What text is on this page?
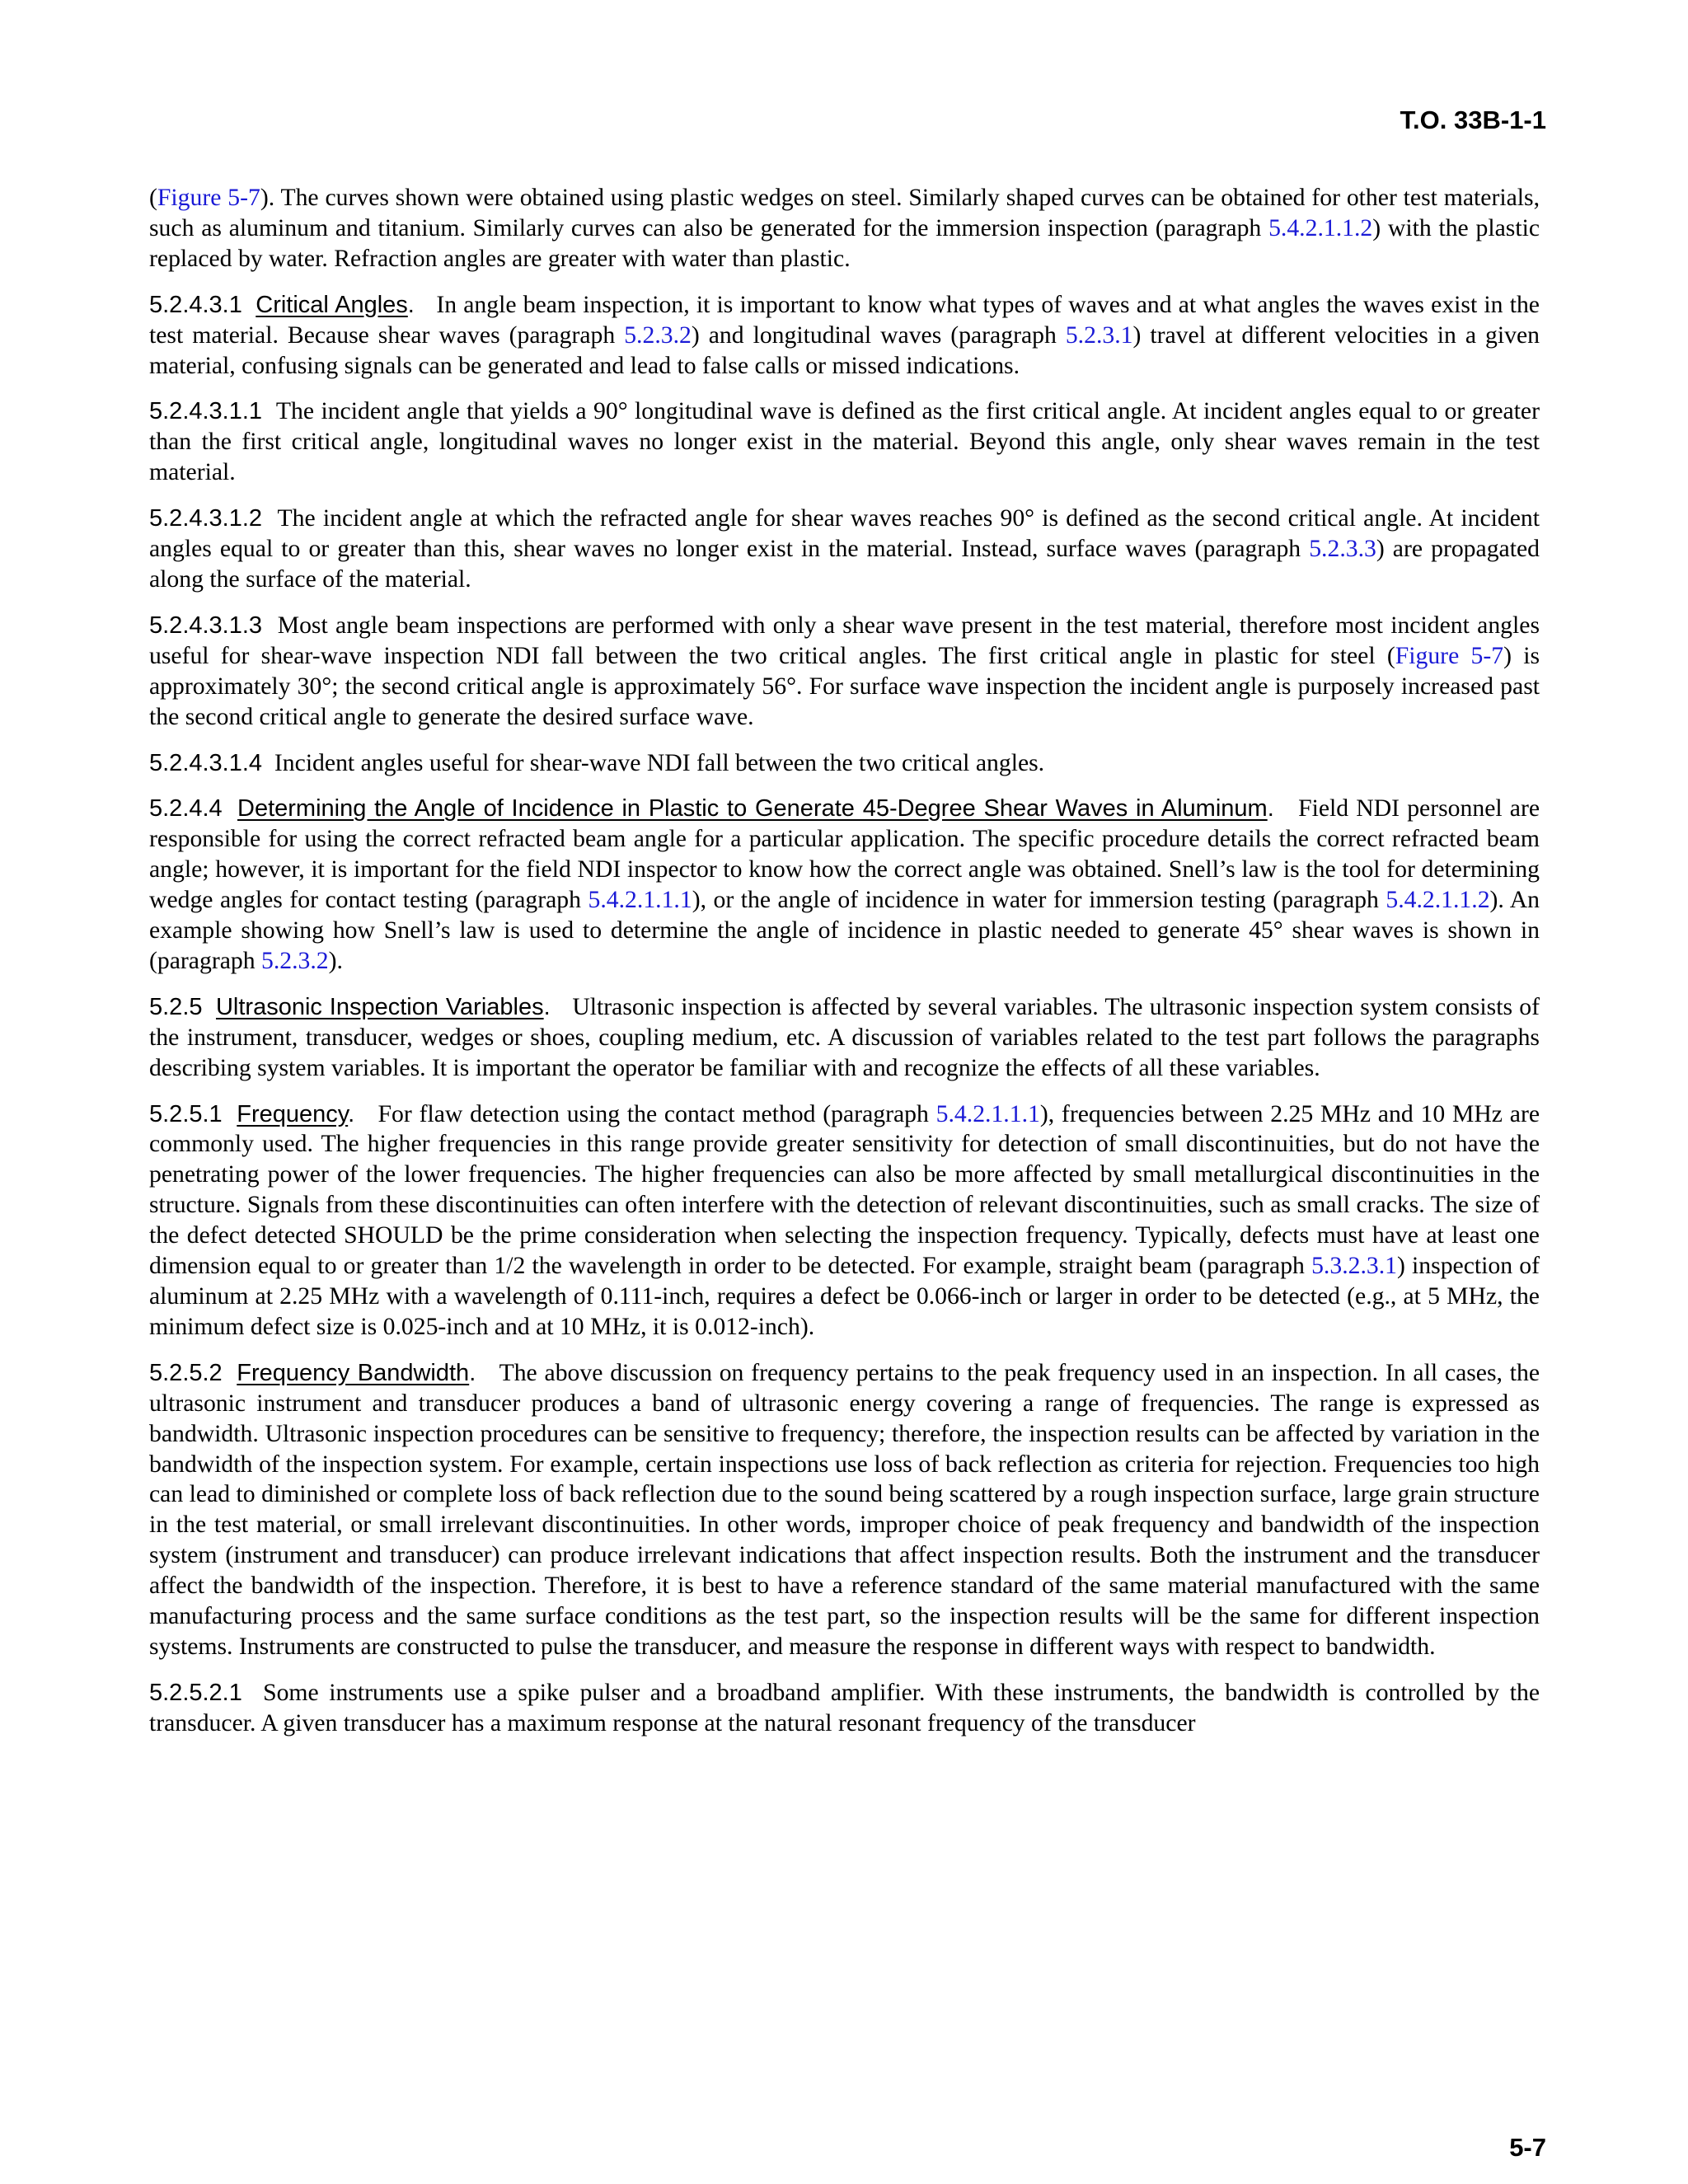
T.O. 33B-1-1

(Figure 5-7). The curves shown were obtained using plastic wedges on steel. Similarly shaped curves can be obtained for other test materials, such as aluminum and titanium. Similarly curves can also be generated for the immersion inspection (paragraph 5.4.2.1.1.2) with the plastic replaced by water. Refraction angles are greater with water than plastic.

5.2.4.3.1 Critical Angles.   In angle beam inspection, it is important to know what types of waves and at what angles the waves exist in the test material. Because shear waves (paragraph 5.2.3.2) and longitudinal waves (paragraph 5.2.3.1) travel at different velocities in a given material, confusing signals can be generated and lead to false calls or missed indications.

5.2.4.3.1.1 The incident angle that yields a 90° longitudinal wave is defined as the first critical angle. At incident angles equal to or greater than the first critical angle, longitudinal waves no longer exist in the material. Beyond this angle, only shear waves remain in the test material.

5.2.4.3.1.2 The incident angle at which the refracted angle for shear waves reaches 90° is defined as the second critical angle. At incident angles equal to or greater than this, shear waves no longer exist in the material. Instead, surface waves (paragraph 5.2.3.3) are propagated along the surface of the material.

5.2.4.3.1.3 Most angle beam inspections are performed with only a shear wave present in the test material, therefore most incident angles useful for shear-wave inspection NDI fall between the two critical angles. The first critical angle in plastic for steel (Figure 5-7) is approximately 30°; the second critical angle is approximately 56°. For surface wave inspection the incident angle is purposely increased past the second critical angle to generate the desired surface wave.

5.2.4.3.1.4 Incident angles useful for shear-wave NDI fall between the two critical angles.

5.2.4.4 Determining the Angle of Incidence in Plastic to Generate 45-Degree Shear Waves in Aluminum.   Field NDI personnel are responsible for using the correct refracted beam angle for a particular application. The specific procedure details the correct refracted beam angle; however, it is important for the field NDI inspector to know how the correct angle was obtained. Snell’s law is the tool for determining wedge angles for contact testing (paragraph 5.4.2.1.1.1), or the angle of incidence in water for immersion testing (paragraph 5.4.2.1.1.2). An example showing how Snell’s law is used to determine the angle of incidence in plastic needed to generate 45° shear waves is shown in (paragraph 5.2.3.2).

5.2.5 Ultrasonic Inspection Variables.   Ultrasonic inspection is affected by several variables. The ultrasonic inspection system consists of the instrument, transducer, wedges or shoes, coupling medium, etc. A discussion of variables related to the test part follows the paragraphs describing system variables. It is important the operator be familiar with and recognize the effects of all these variables.

5.2.5.1 Frequency.   For flaw detection using the contact method (paragraph 5.4.2.1.1.1), frequencies between 2.25 MHz and 10 MHz are commonly used. The higher frequencies in this range provide greater sensitivity for detection of small discontinuities, but do not have the penetrating power of the lower frequencies. The higher frequencies can also be more affected by small metallurgical discontinuities in the structure. Signals from these discontinuities can often interfere with the detection of relevant discontinuities, such as small cracks. The size of the defect detected SHOULD be the prime consideration when selecting the inspection frequency. Typically, defects must have at least one dimension equal to or greater than 1/2 the wavelength in order to be detected. For example, straight beam (paragraph 5.3.2.3.1) inspection of aluminum at 2.25 MHz with a wavelength of 0.111-inch, requires a defect be 0.066-inch or larger in order to be detected (e.g., at 5 MHz, the minimum defect size is 0.025-inch and at 10 MHz, it is 0.012-inch).

5.2.5.2 Frequency Bandwidth.   The above discussion on frequency pertains to the peak frequency used in an inspection. In all cases, the ultrasonic instrument and transducer produces a band of ultrasonic energy covering a range of frequencies. The range is expressed as bandwidth. Ultrasonic inspection procedures can be sensitive to frequency; therefore, the inspection results can be affected by variation in the bandwidth of the inspection system. For example, certain inspections use loss of back reflection as criteria for rejection. Frequencies too high can lead to diminished or complete loss of back reflection due to the sound being scattered by a rough inspection surface, large grain structure in the test material, or small irrelevant discontinuities. In other words, improper choice of peak frequency and bandwidth of the inspection system (instrument and transducer) can produce irrelevant indications that affect inspection results. Both the instrument and the transducer affect the bandwidth of the inspection. Therefore, it is best to have a reference standard of the same material manufactured with the same manufacturing process and the same surface conditions as the test part, so the inspection results will be the same for different inspection systems. Instruments are constructed to pulse the transducer, and measure the response in different ways with respect to bandwidth.

5.2.5.2.1 Some instruments use a spike pulser and a broadband amplifier. With these instruments, the bandwidth is controlled by the transducer. A given transducer has a maximum response at the natural resonant frequency of the transducer

5-7
